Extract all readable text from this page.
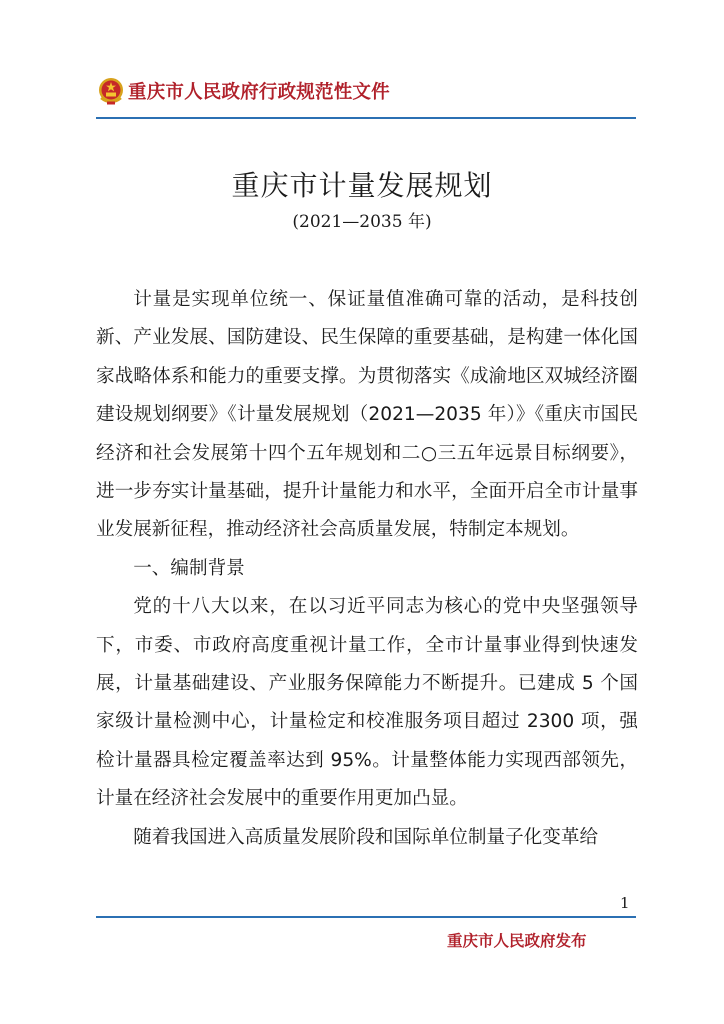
重庆市人民政府行政规范性文件
重庆市计量发展规划
(2021—2035 年)

计量是实现单位统一、保证量值准确可靠的活动，是科技创新、产业发展、国防建设、民生保障的重要基础，是构建一体化国家战略体系和能力的重要支撑。为贯彻落实《成渝地区双城经济圈建设规划纲要》《计量发展规划（2021—2035 年）》《重庆市国民经济和社会发展第十四个五年规划和二○三五年远景目标纲要》，进一步夯实计量基础，提升计量能力和水平，全面开启全市计量事业发展新征程，推动经济社会高质量发展，特制定本规划。

一、编制背景

党的十八大以来，在以习近平同志为核心的党中央坚强领导下，市委、市政府高度重视计量工作，全市计量事业得到快速发展，计量基础建设、产业服务保障能力不断提升。已建成 5 个国家级计量检测中心，计量检定和校准服务项目超过 2300 项，强检计量器具检定覆盖率达到 95%。计量整体能力实现西部领先，计量在经济社会发展中的重要作用更加凸显。

随着我国进入高质量发展阶段和国际单位制量子化变革给

1
重庆市人民政府发布
